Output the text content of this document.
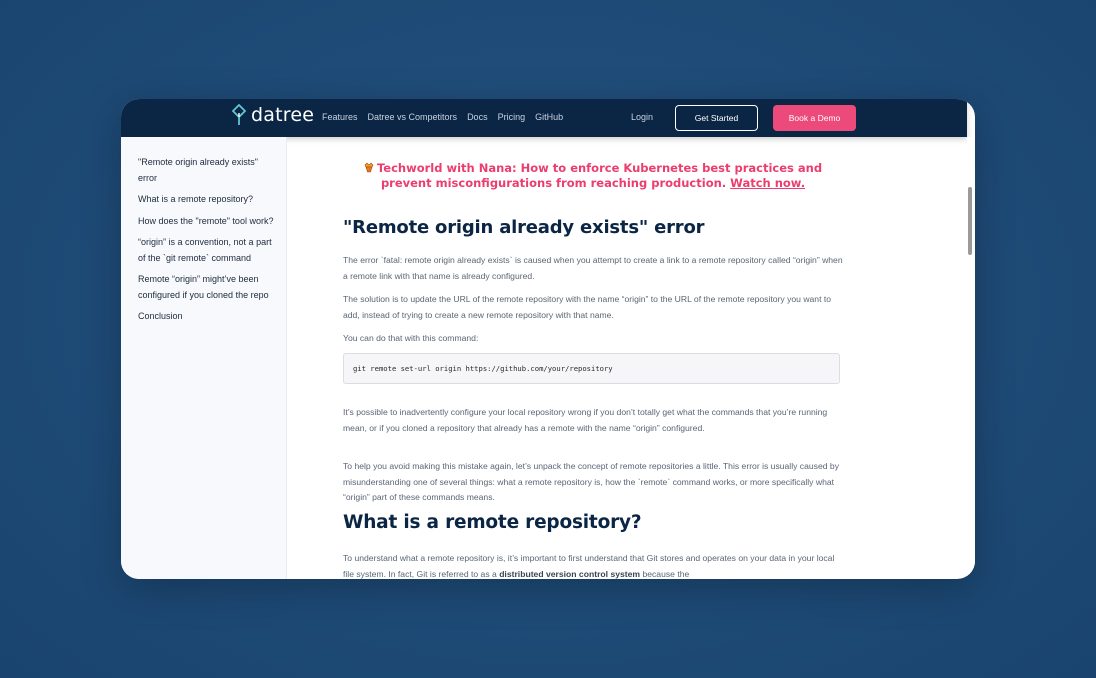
datree Features Datree vs Competitors Docs Pricing GitHub	Login	Get Started	Book a Demo
"Remote origin already exists" error
What is a remote repository?
How does the "remote" tool work?
“origin” is a convention, not a part of the `git remote` command
Remote “origin” might’ve been configured if you cloned the repo
Conclusion
Techworld with Nana: How to enforce Kubernetes best practices and prevent misconfigurations from reaching production. Watch now.
"Remote origin already exists" error
The error `fatal: remote origin already exists` is caused when you attempt to create a link to a remote repository called “origin” when a remote link with that name is already configured.
The solution is to update the URL of the remote repository with the name “origin” to the URL of the remote repository you want to add, instead of trying to create a new remote repository with that name.
You can do that with this command:
git remote set-url origin https://github.com/your/repository
It’s possible to inadvertently configure your local repository wrong if you don’t totally get what the commands that you’re running mean, or if you cloned a repository that already has a remote with the name “origin” configured.
To help you avoid making this mistake again, let’s unpack the concept of remote repositories a little. This error is usually caused by misunderstanding one of several things: what a remote repository is, how the `remote` command works, or more specifically what “origin” part of these commands means.
What is a remote repository?
To understand what a remote repository is, it’s important to first understand that Git stores and operates on your data in your local file system. In fact, Git is referred to as a distributed version control system because the
